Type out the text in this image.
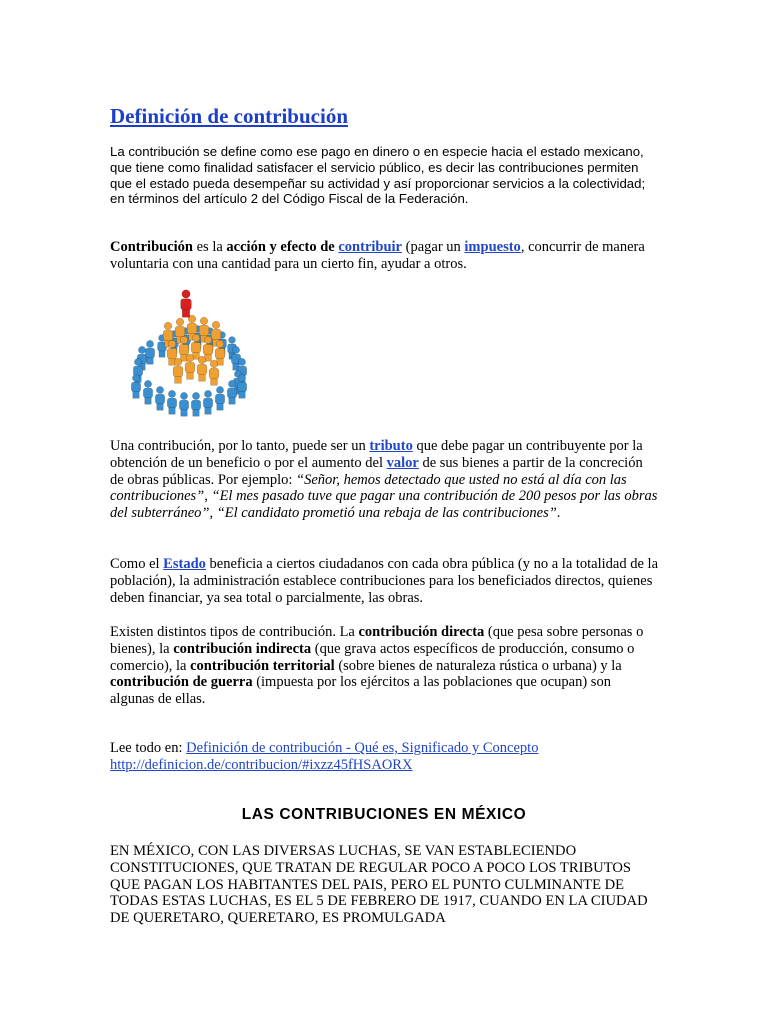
Definición de contribución

La contribución se define como ese pago en dinero o en especie hacia el estado mexicano, que tiene como finalidad satisfacer el servicio público, es decir las contribuciones permiten que el estado pueda desempeñar su actividad y así proporcionar servicios a la colectividad; en términos del artículo 2 del Código Fiscal de la Federación.

Contribución es la acción y efecto de contribuir (pagar un impuesto, concurrir de manera voluntaria con una cantidad para un cierto fin, ayudar a otros.

Una contribución, por lo tanto, puede ser un tributo que debe pagar un contribuyente por la obtención de un beneficio o por el aumento del valor de sus bienes a partir de la concreción de obras públicas. Por ejemplo: “Señor, hemos detectado que usted no está al día con las contribuciones”, “El mes pasado tuve que pagar una contribución de 200 pesos por las obras del subterráneo”, “El candidato prometió una rebaja de las contribuciones”.

Como el Estado beneficia a ciertos ciudadanos con cada obra pública (y no a la totalidad de la población), la administración establece contribuciones para los beneficiados directos, quienes deben financiar, ya sea total o parcialmente, las obras.

Existen distintos tipos de contribución. La contribución directa (que pesa sobre personas o bienes), la contribución indirecta (que grava actos específicos de producción, consumo o comercio), la contribución territorial (sobre bienes de naturaleza rústica o urbana) y la contribución de guerra (impuesta por los ejércitos a las poblaciones que ocupan) son algunas de ellas.

Lee todo en: Definición de contribución - Qué es, Significado y Concepto
http://definicion.de/contribucion/#ixzz45fHSAORX

LAS CONTRIBUCIONES EN MÉXICO

EN MÉXICO, CON LAS DIVERSAS LUCHAS, SE VAN ESTABLECIENDO CONSTITUCIONES, QUE TRATAN DE REGULAR POCO A POCO LOS TRIBUTOS QUE PAGAN LOS HABITANTES DEL PAIS, PERO EL PUNTO CULMINANTE DE TODAS ESTAS LUCHAS, ES EL 5 DE FEBRERO DE 1917, CUANDO EN LA CIUDAD DE QUERETARO, QUERETARO, ES PROMULGADA
